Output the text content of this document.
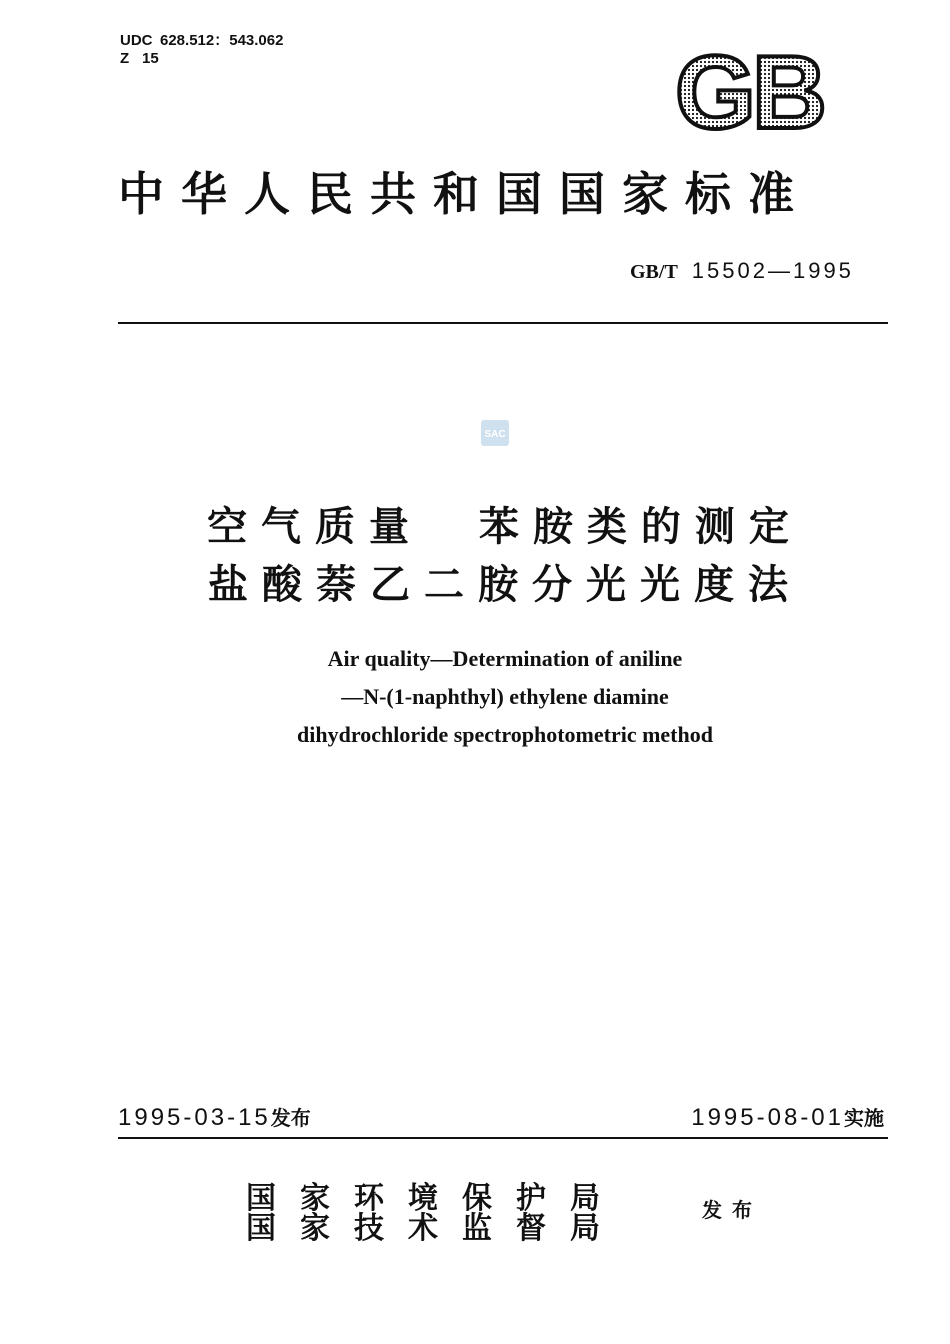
UDC 628.512：543.062
Z 15	GB
中华人民共和国国家标准
GB/T 15502—1995
SAC
空气质量  苯胺类的测定
盐酸萘乙二胺分光光度法
Air quality—Determination of aniline
—N-(1-naphthyl) ethylene diamine
dihydrochloride spectrophotometric method
1995-03-15发布	1995-08-01实施
国家环境保护局
国家技术监督局
发布
